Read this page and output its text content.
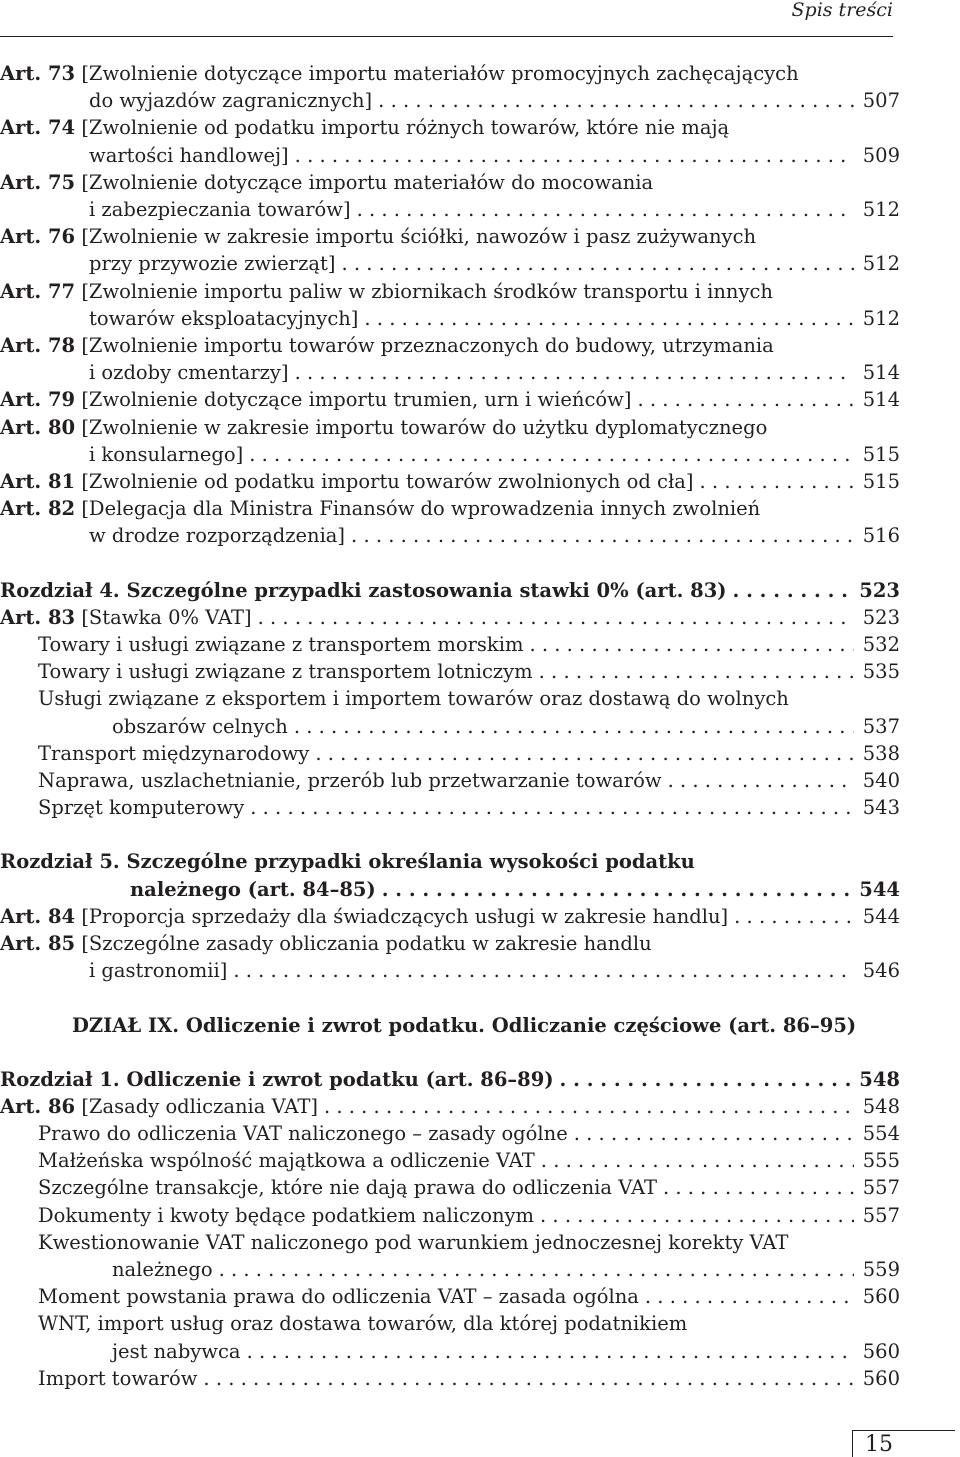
Spis treści
Art. 73 [Zwolnienie dotyczące importu materiałów promocyjnych zachęcających
do wyjazdów zagranicznych] . . .	507
Art. 74 [Zwolnienie od podatku importu różnych towarów, które nie mają
wartości handlowej] . . .	509
Art. 75 [Zwolnienie dotyczące importu materiałów do mocowania
i zabezpieczania towarów] . . .	512
Art. 76 [Zwolnienie w zakresie importu ściółki, nawozów i pasz zużywanych
przy przywozie zwierząt] . . .	512
Art. 77 [Zwolnienie importu paliw w zbiornikach środków transportu i innych
towarów eksploatacyjnych] . . .	512
Art. 78 [Zwolnienie importu towarów przeznaczonych do budowy, utrzymania
i ozdoby cmentarzy] . . .	514
Art. 79 [Zwolnienie dotyczące importu trumien, urn i wieńców] . . .	514
Art. 80 [Zwolnienie w zakresie importu towarów do użytku dyplomatycznego
i konsularnego] . . .	515
Art. 81 [Zwolnienie od podatku importu towarów zwolnionych od cła] . . .	515
Art. 82 [Delegacja dla Ministra Finansów do wprowadzenia innych zwolnień
w drodze rozporządzenia] . . .	516
Rozdział 4. Szczególne przypadki zastosowania stawki 0% (art. 83) . . .	523
Art. 83 [Stawka 0% VAT] . . .	523
Towary i usługi związane z transportem morskim . . .	532
Towary i usługi związane z transportem lotniczym . . .	535
Usługi związane z eksportem i importem towarów oraz dostawą do wolnych
obszarów celnych . . .	537
Transport międzynarodowy . . .	538
Naprawa, uszlachetnianie, przerób lub przetwarzanie towarów . . .	540
Sprzęt komputerowy . . .	543
Rozdział 5. Szczególne przypadki określania wysokości podatku
należnego (art. 84–85) . . .	544
Art. 84 [Proporcja sprzedaży dla świadczących usługi w zakresie handlu] . . .	544
Art. 85 [Szczególne zasady obliczania podatku w zakresie handlu
i gastronomii] . . .	546
DZIAŁ IX. Odliczenie i zwrot podatku. Odliczanie częściowe (art. 86–95)
Rozdział 1. Odliczenie i zwrot podatku (art. 86–89) . . .	548
Art. 86 [Zasady odliczania VAT] . . .	548
Prawo do odliczenia VAT naliczonego – zasady ogólne . . .	554
Małżeńska wspólność majątkowa a odliczenie VAT . . .	555
Szczególne transakcje, które nie dają prawa do odliczenia VAT . . .	557
Dokumenty i kwoty będące podatkiem naliczonym . . .	557
Kwestionowanie VAT naliczonego pod warunkiem jednoczesnej korekty VAT
należnego . . .	559
Moment powstania prawa do odliczenia VAT – zasada ogólna . . .	560
WNT, import usług oraz dostawa towarów, dla której podatnikiem
jest nabywca . . .	560
Import towarów . . .	560
15
